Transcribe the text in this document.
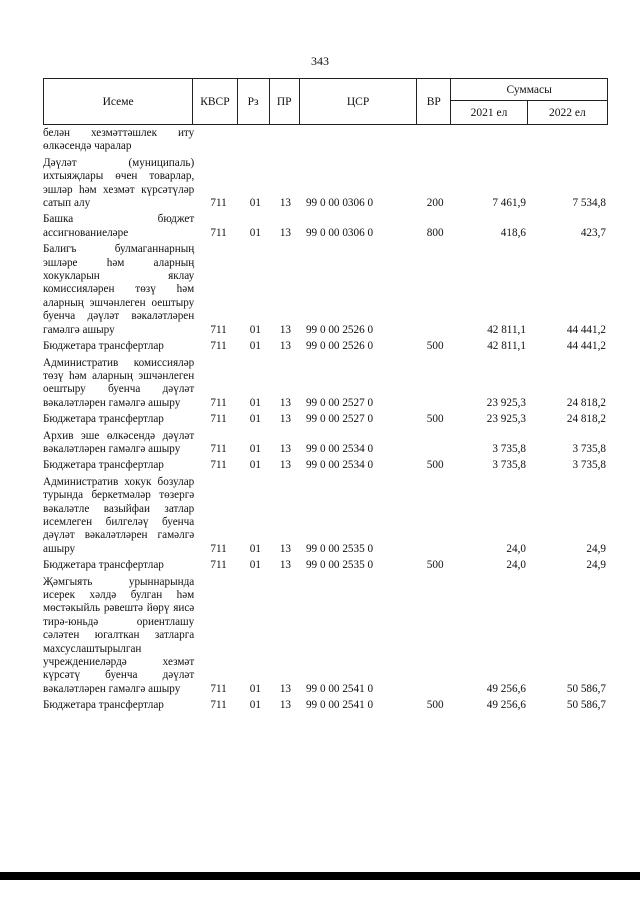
343
Исеме	КВСР	Рз	ПР	ЦСР	ВР	Суммасы	
						2021 ел	2022 ел
белән хезмәттәшлек иту өлкәсендә чаралар							

Дәүләт (муниципаль) ихтыяҗлары өчен товарлар, эшләр һәм хезмәт күрсәтүләр сатып алу	711	01	13	99 0 00 0306 0	200	7 461,9	7 534,8

Башка бюджет ассигнованиеләре	711	01	13	99 0 00 0306 0	800	418,6	423,7

Балигъ булмаганнарның эшләре һәм аларның хокукларын яклау комиссияләрен төзү һәм аларның эшчәнлеген оештыру буенча дәүләт вәкаләтләрен гамәлгә ашыру	711	01	13	99 0 00 2526 0		42 811,1	44 441,2

Бюджетара трансфертлар	711	01	13	99 0 00 2526 0	500	42 811,1	44 441,2

Административ комиссияләр төзү һәм аларның эшчәнлеген оештыру буенча дәүләт вәкаләтләрен гамәлгә ашыру	711	01	13	99 0 00 2527 0		23 925,3	24 818,2

Бюджетара трансфертлар	711	01	13	99 0 00 2527 0	500	23 925,3	24 818,2

Архив эше өлкәсендә дәүләт вәкаләтләрен гамәлгә ашыру	711	01	13	99 0 00 2534 0		3 735,8	3 735,8

Бюджетара трансфертлар	711	01	13	99 0 00 2534 0	500	3 735,8	3 735,8

Административ хокук бозулар турында беркетмәләр төзергә вәкаләтле вазыйфаи затлар исемлеген билгеләү буенча дәүләт вәкаләтләрен гамәлгә ашыру	711	01	13	99 0 00 2535 0		24,0	24,9

Бюджетара трансфертлар	711	01	13	99 0 00 2535 0	500	24,0	24,9

Җәмгыять урыннарында исерек хәлдә булган һәм мөстәкыйль рәвештә йөрү яисә тирә-юньдә ориентлашу сәләтен югалткан затларга махсуслаштырылган учреждениеләрдә хезмәт күрсәтү буенча дәүләт вәкаләтләрен гамәлгә ашыру	711	01	13	99 0 00 2541 0		49 256,6	50 586,7

Бюджетара трансфертлар	711	01	13	99 0 00 2541 0	500	49 256,6	50 586,7
